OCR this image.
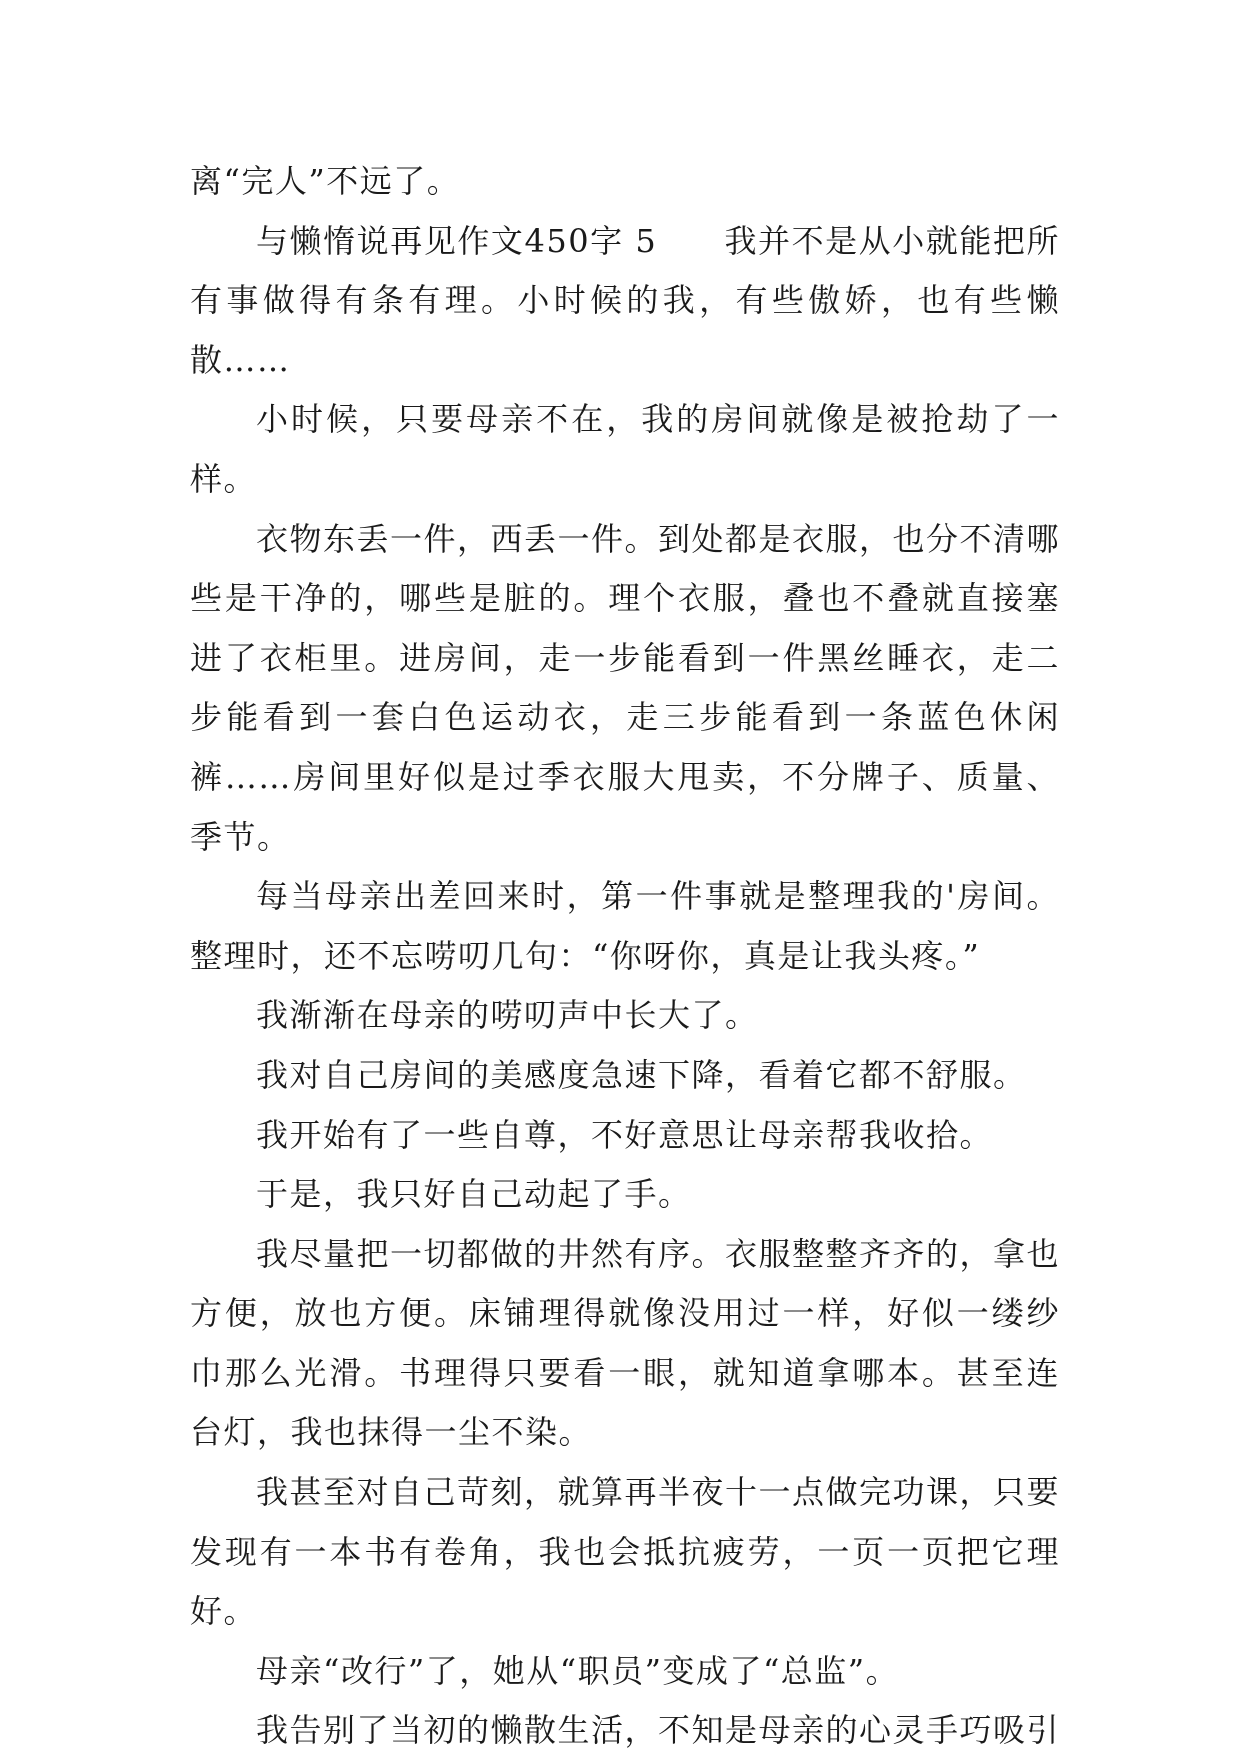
离“完人”不远了。

与懒惰说再见作文450字 5　　我并不是从小就能把所有事做得有条有理。小时候的我，有些傲娇，也有些懒散……

小时候，只要母亲不在，我的房间就像是被抢劫了一样。

衣物东丢一件，西丢一件。到处都是衣服，也分不清哪些是干净的，哪些是脏的。理个衣服，叠也不叠就直接塞进了衣柜里。进房间，走一步能看到一件黑丝睡衣，走二步能看到一套白色运动衣，走三步能看到一条蓝色休闲裤……房间里好似是过季衣服大甩卖，不分牌子、质量、季节。

每当母亲出差回来时，第一件事就是整理我的'房间。整理时，还不忘唠叨几句：“你呀你，真是让我头疼。”

我渐渐在母亲的唠叨声中长大了。

我对自己房间的美感度急速下降，看着它都不舒服。

我开始有了一些自尊，不好意思让母亲帮我收拾。

于是，我只好自己动起了手。

我尽量把一切都做的井然有序。衣服整整齐齐的，拿也方便，放也方便。床铺理得就像没用过一样，好似一缕纱巾那么光滑。书理得只要看一眼，就知道拿哪本。甚至连台灯，我也抹得一尘不染。

我甚至对自己苛刻，就算再半夜十一点做完功课，只要发现有一本书有卷角，我也会抵抗疲劳，一页一页把它理好。

母亲“改行”了，她从“职员”变成了“总监”。

我告别了当初的懒散生活，不知是母亲的心灵手巧吸引
